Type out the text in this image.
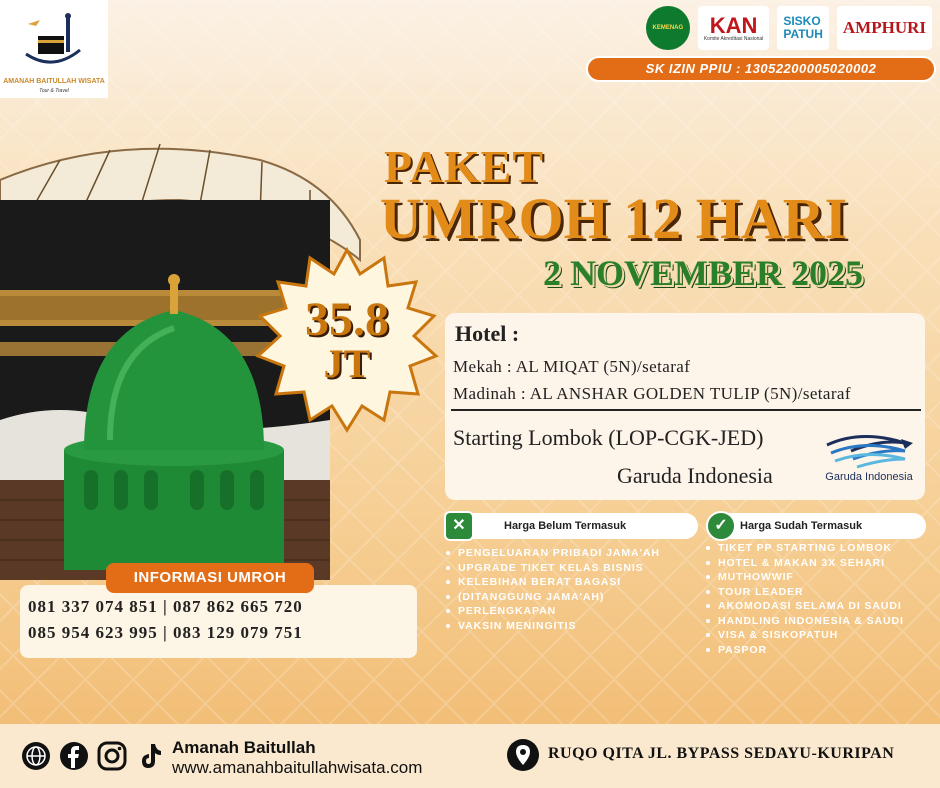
AMANAH BAITULLAH WISATA
Tour & Travel
KEMENAG KAN
Komite Akreditasi Nasional
SISKO
PATUH	AMPHURI
SK IZIN PPIU : 13052200005020002
35.8
JT
PAKET
UMROH 12 HARI
2 NOVEMBER 2025
Hotel :
Mekah : AL MIQAT (5N)/setaraf
Madinah : AL ANSHAR GOLDEN TULIP (5N)/setaraf
Starting Lombok (LOP-CGK-JED)
Garuda Indonesia	Garuda Indonesia
✕	Harga Belum Termasuk
PENGELUARAN PRIBADI JAMA'AH
UPGRADE TIKET KELAS BISNIS
KELEBIHAN BERAT BAGASI
(DITANGGUNG JAMA'AH)
PERLENGKAPAN
VAKSIN MENINGITIS
✓	Harga Sudah Termasuk
TIKET PP STARTING LOMBOK
HOTEL & MAKAN 3X SEHARI
MUTHOWWIF
TOUR LEADER
AKOMODASI SELAMA DI SAUDI
HANDLING INDONESIA & SAUDI
VISA & SISKOPATUH
PASPOR
081 337 074 851 | 087 862 665 720
085 954 623 995 | 083 129 079 751
INFORMASI UMROH
Amanah Baitullah
www.amanahbaitullahwisata.com
RUQO QITA JL. BYPASS SEDAYU-KURIPAN
